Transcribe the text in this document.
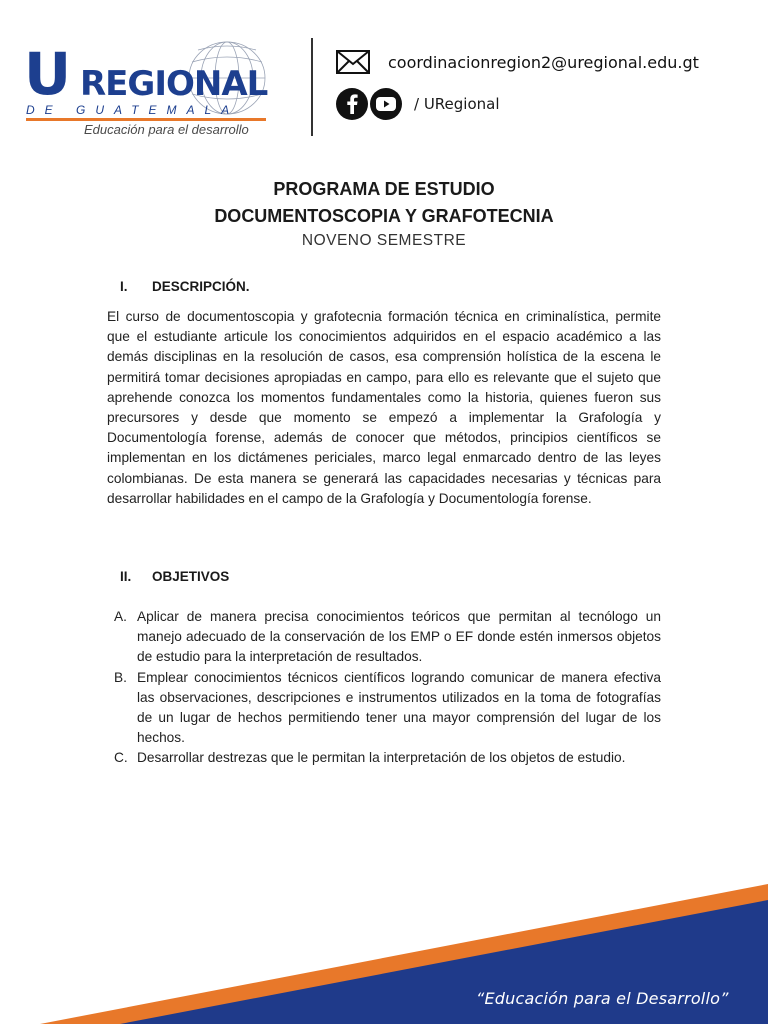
U REGIONAL
DE GUATEMALA
Educación para el desarrollo
coordinacionregion2@uregional.edu.gt
/ URegional
PROGRAMA DE ESTUDIO
DOCUMENTOSCOPIA Y GRAFOTECNIA
NOVENO SEMESTRE
I.	DESCRIPCIÓN.
El curso de documentoscopia y grafotecnia formación técnica en criminalística, permite que el estudiante articule los conocimientos adquiridos en el espacio académico a las demás disciplinas en la resolución de casos, esa comprensión holística de la escena le permitirá tomar decisiones apropiadas en campo, para ello es relevante que el sujeto que aprehende conozca los momentos fundamentales como la historia, quienes fueron sus precursores y desde que momento se empezó a implementar la Grafología y Documentología forense, además de conocer que métodos, principios científicos se implementan en los dictámenes periciales, marco legal enmarcado dentro de las leyes colombianas. De esta manera se generará las capacidades necesarias y técnicas para desarrollar habilidades en el campo de la Grafología y Documentología forense.
II.	OBJETIVOS
A. Aplicar de manera precisa conocimientos teóricos que permitan al tecnólogo un manejo adecuado de la conservación de los EMP o EF donde estén inmersos objetos de estudio para la interpretación de resultados.
B. Emplear conocimientos técnicos científicos logrando comunicar de manera efectiva las observaciones, descripciones e instrumentos utilizados en la toma de fotografías de un lugar de hechos permitiendo tener una mayor comprensión del lugar de los hechos.
C. Desarrollar destrezas que le permitan la interpretación de los objetos de estudio.
“Educación para el Desarrollo”
